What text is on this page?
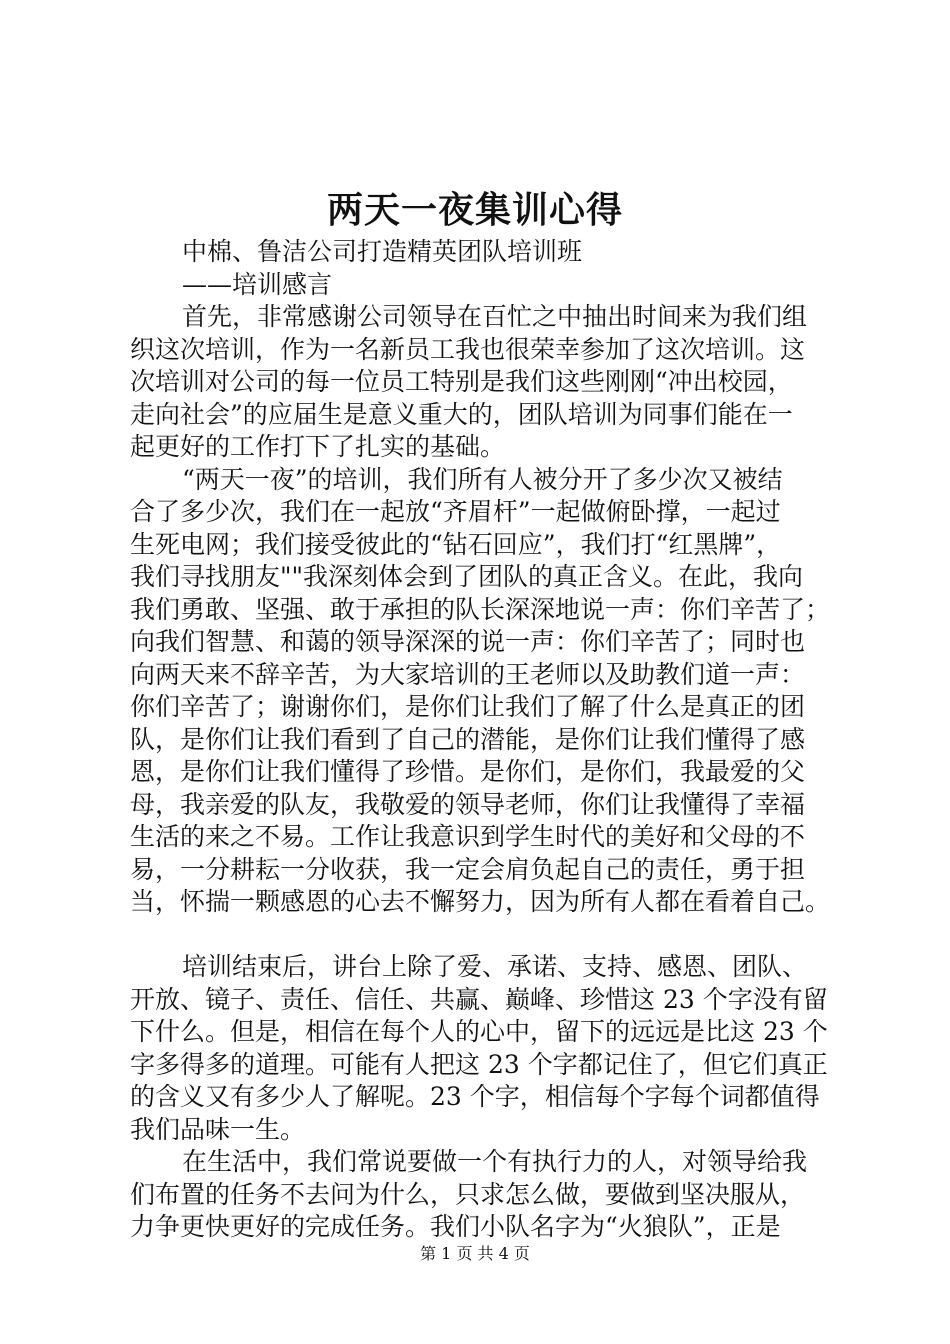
两天一夜集训心得
中棉、鲁洁公司打造精英团队培训班
——培训感言
首先，非常感谢公司领导在百忙之中抽出时间来为我们组
织这次培训，作为一名新员工我也很荣幸参加了这次培训。这
次培训对公司的每一位员工特别是我们这些刚刚“冲出校园，
走向社会”的应届生是意义重大的，团队培训为同事们能在一
起更好的工作打下了扎实的基础。
“两天一夜”的培训，我们所有人被分开了多少次又被结
合了多少次，我们在一起放“齐眉杆”一起做俯卧撑，一起过
生死电网；我们接受彼此的“钻石回应”，我们打“红黑牌”，
我们寻找朋友""我深刻体会到了团队的真正含义。在此，我向
我们勇敢、坚强、敢于承担的队长深深地说一声：你们辛苦了；
向我们智慧、和蔼的领导深深的说一声：你们辛苦了；同时也
向两天来不辞辛苦，为大家培训的王老师以及助教们道一声：
你们辛苦了；谢谢你们，是你们让我们了解了什么是真正的团
队，是你们让我们看到了自己的潜能，是你们让我们懂得了感
恩，是你们让我们懂得了珍惜。是你们，是你们，我最爱的父
母，我亲爱的队友，我敬爱的领导老师，你们让我懂得了幸福
生活的来之不易。工作让我意识到学生时代的美好和父母的不
易，一分耕耘一分收获，我一定会肩负起自己的责任，勇于担
当，怀揣一颗感恩的心去不懈努力，因为所有人都在看着自己。
培训结束后，讲台上除了爱、承诺、支持、感恩、团队、
开放、镜子、责任、信任、共赢、巅峰、珍惜这 23 个字没有留
下什么。但是，相信在每个人的心中，留下的远远是比这 23 个
字多得多的道理。可能有人把这 23 个字都记住了，但它们真正
的含义又有多少人了解呢。23 个字，相信每个字每个词都值得
我们品味一生。
在生活中，我们常说要做一个有执行力的人，对领导给我
们布置的任务不去问为什么，只求怎么做，要做到坚决服从，
力争更快更好的完成任务。我们小队名字为“火狼队”，正是
第 1 页 共 4 页
